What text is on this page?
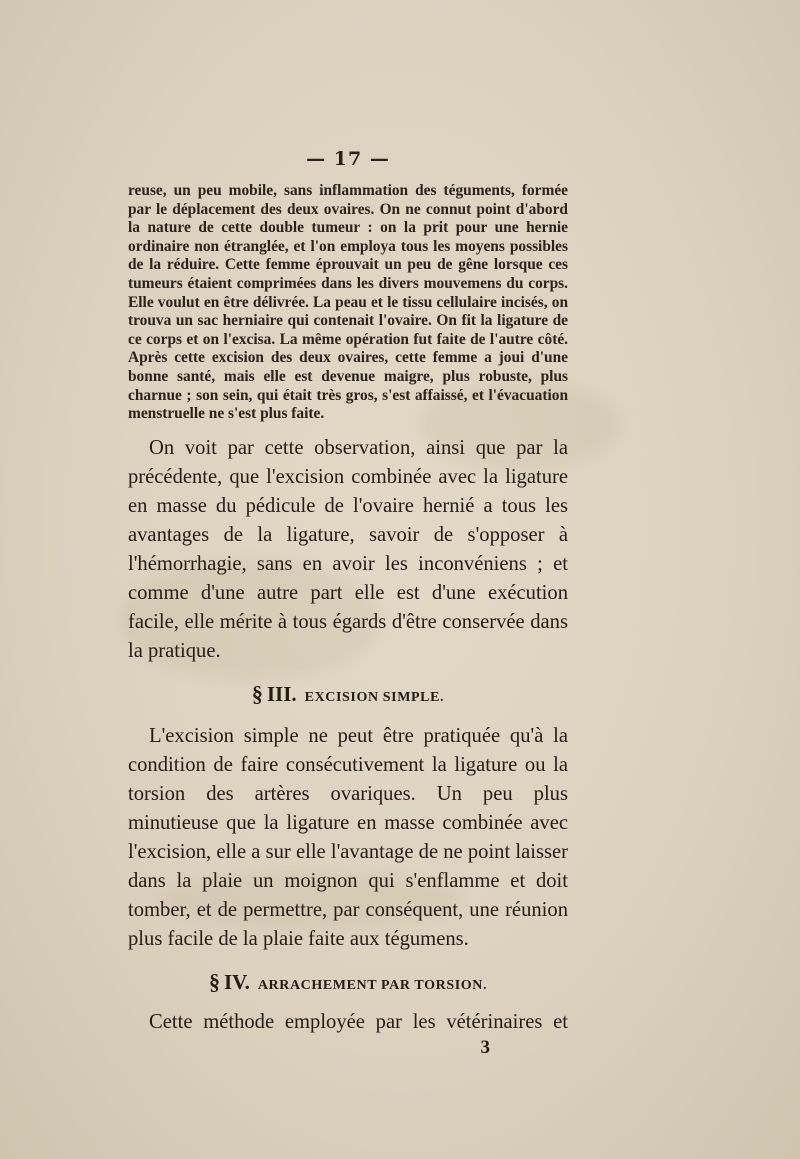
— 17 —

reuse, un peu mobile, sans inflammation des téguments, formée par le déplacement des deux ovaires. On ne connut point d'abord la nature de cette double tumeur : on la prit pour une hernie ordinaire non étranglée, et l'on employa tous les moyens possibles de la réduire. Cette femme éprouvait un peu de gêne lorsque ces tumeurs étaient comprimées dans les divers mouvemens du corps. Elle voulut en être délivrée. La peau et le tissu cellulaire incisés, on trouva un sac herniaire qui contenait l'ovaire. On fit la ligature de ce corps et on l'excisa. La même opération fut faite de l'autre côté. Après cette excision des deux ovaires, cette femme a joui d'une bonne santé, mais elle est devenue maigre, plus robuste, plus charnue ; son sein, qui était très gros, s'est affaissé, et l'évacuation menstruelle ne s'est plus faite.

On voit par cette observation, ainsi que par la précédente, que l'excision combinée avec la ligature en masse du pédicule de l'ovaire hernié a tous les avantages de la ligature, savoir de s'opposer à l'hémorrhagie, sans en avoir les inconvéniens ; et comme d'une autre part elle est d'une exécution facile, elle mérite à tous égards d'être conservée dans la pratique.

§ III. EXCISION SIMPLE.

L'excision simple ne peut être pratiquée qu'à la condition de faire consécutivement la ligature ou la torsion des artères ovariques. Un peu plus minutieuse que la ligature en masse combinée avec l'excision, elle a sur elle l'avantage de ne point laisser dans la plaie un moignon qui s'enflamme et doit tomber, et de permettre, par conséquent, une réunion plus facile de la plaie faite aux tégumens.

§ IV. ARRACHEMENT PAR TORSION.

Cette méthode employée par les vétérinaires et

3
